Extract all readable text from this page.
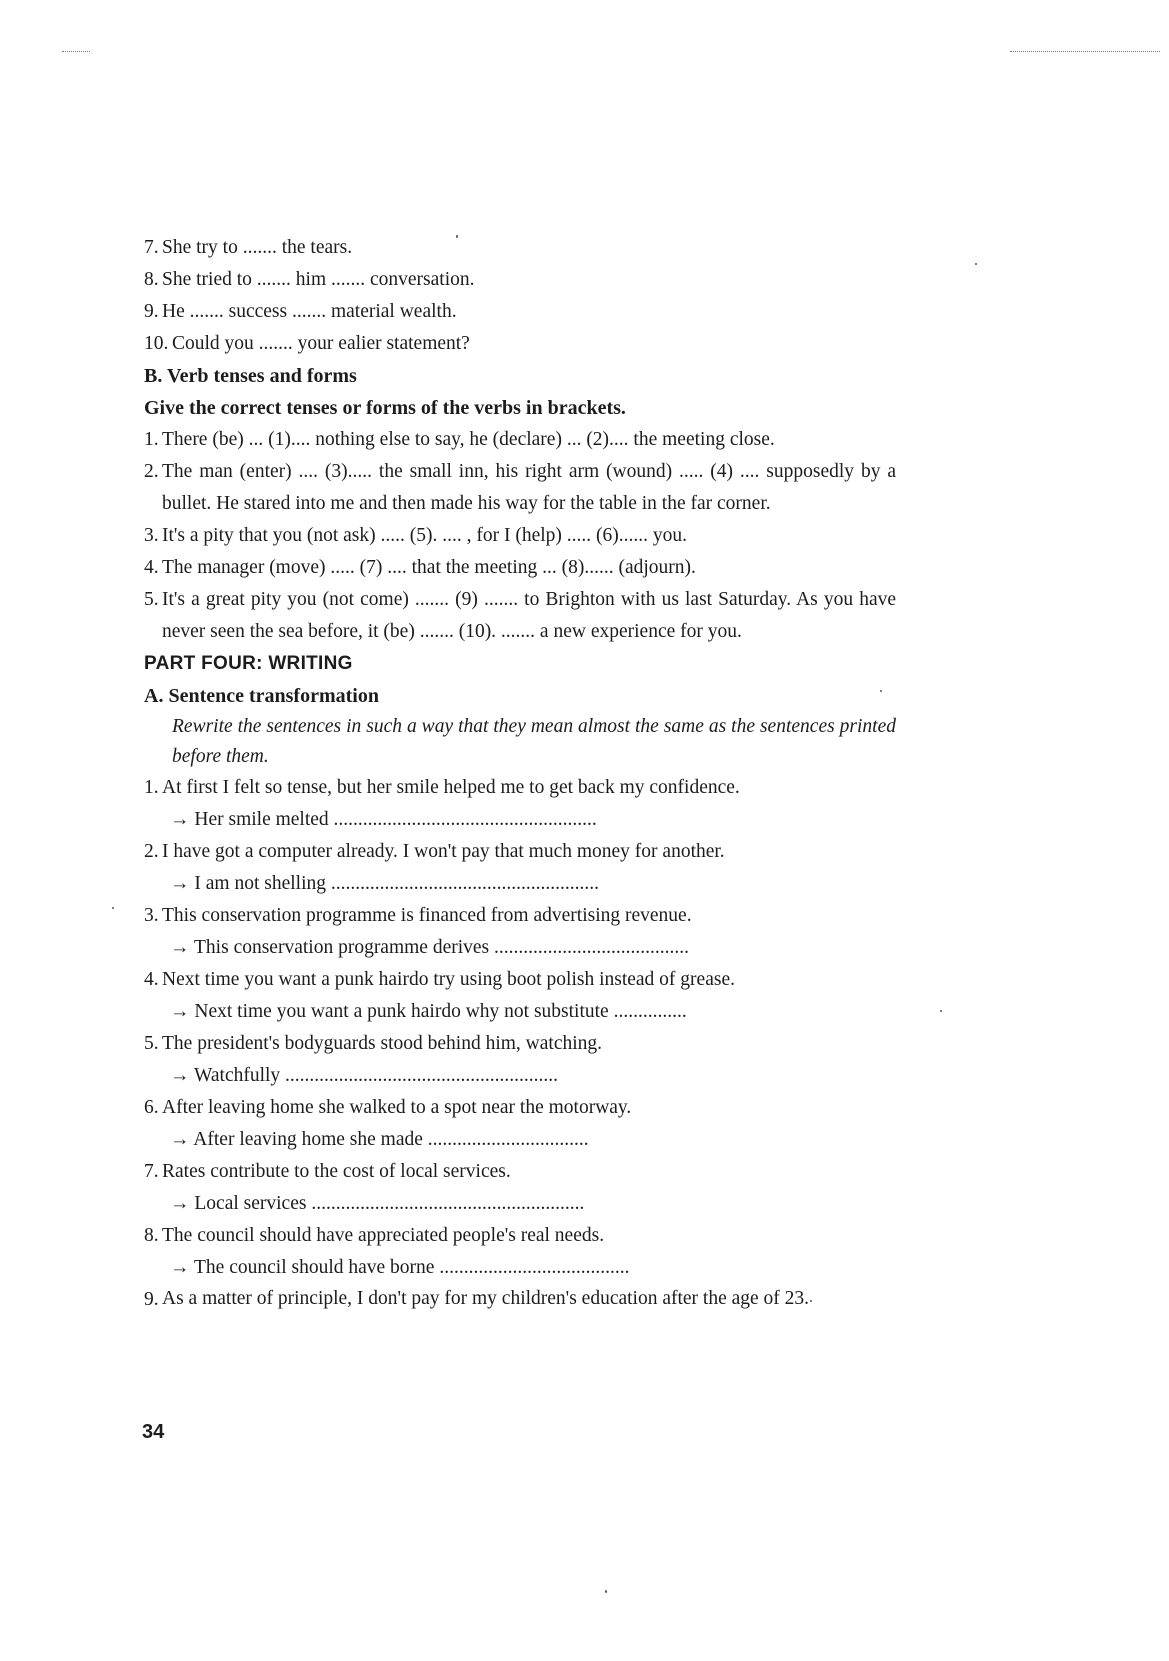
7. She try to ....... the tears.
8. She tried to ....... him ....... conversation.
9. He ....... success ....... material wealth.
10. Could you ....... your ealier statement?
B. Verb tenses and forms
Give the correct tenses or forms of the verbs in brackets.
1. There (be) ... (1).... nothing else to say, he (declare) ... (2).... the meeting close.
2. The man (enter) .... (3)..... the small inn, his right arm (wound) ..... (4) .... supposedly by a bullet. He stared into me and then made his way for the table in the far corner.
3. It's a pity that you (not ask) ..... (5). .... , for I (help) ..... (6)...... you.
4. The manager (move) ..... (7) .... that the meeting ... (8)...... (adjourn).
5. It's a great pity you (not come) ....... (9) ....... to Brighton with us last Saturday. As you have never seen the sea before, it (be) ....... (10). ....... a new experience for you.
PART FOUR: WRITING
A. Sentence transformation
Rewrite the sentences in such a way that they mean almost the same as the sentences printed before them.
1. At first I felt so tense, but her smile helped me to get back my confidence.
→ Her smile melted ......................................................
2. I have got a computer already. I won't pay that much money for another.
→ I am not shelling .......................................................
3. This conservation programme is financed from advertising revenue.
→ This conservation programme derives ........................................
4. Next time you want a punk hairdo try using boot polish instead of grease.
→ Next time you want a punk hairdo why not substitute ...............
5. The president's bodyguards stood behind him, watching.
→ Watchfully ........................................................
6. After leaving home she walked to a spot near the motorway.
→ After leaving home she made .................................
7. Rates contribute to the cost of local services.
→ Local services ........................................................
8. The council should have appreciated people's real needs.
→ The council should have borne .......................................
9. As a matter of principle, I don't pay for my children's education after the age of 23.
34
